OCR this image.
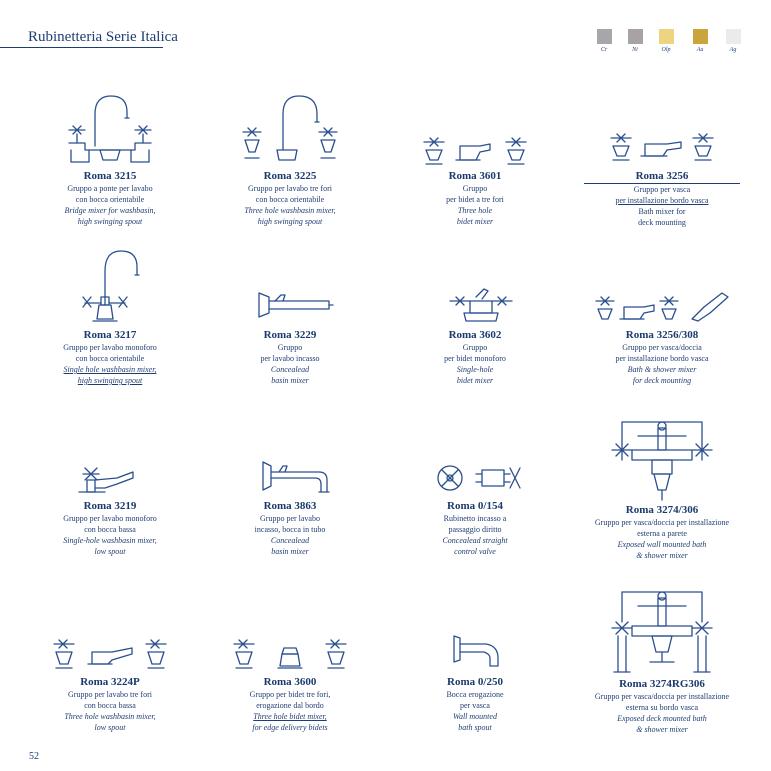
Rubinetteria Serie Italica
Cr	Ni	Olp	Au	Ag
Roma 3215
Gruppo a ponte per lavabo
con bocca orientabile
Bridge mixer for washbasin,
high swinging spout
Roma 3225
Gruppo per lavabo tre fori
con bocca orientabile
Three hole washbasin mixer,
high swinging spout
Roma 3601
Gruppo
per bidet a tre fori
Three hole
bidet mixer
Roma 3256
Gruppo per vasca
per installazione bordo vasca
Bath mixer for
deck mounting
Roma 3217
Gruppo per lavabo monoforo
con bocca orientabile
Single hole washbasin mixer,
high swinging spout
Roma 3229
Gruppo
per lavabo incasso
Concealead
basin mixer
Roma 3602
Gruppo
per bidet monoforo
Single-hole
bidet mixer
Roma 3256/308
Gruppo per vasca/doccia
per installazione bordo vasca
Bath & shower mixer
for deck mounting
Roma 3219
Gruppo per lavabo monoforo
con bocca bassa
Single-hole washbasin mixer,
low spout
Roma 3863
Gruppo per lavabo
incasso, bocca in tubo
Concealead
basin mixer
Roma 0/154
Rubinetto incasso a
passaggio diritto
Concealead straight
control valve
Roma 3274/306
Gruppo per vasca/doccia per installazione
esterna a parete
Exposed wall mounted bath
& shower mixer
Roma 3224P
Gruppo per lavabo tre fori
con bocca bassa
Three hole washbasin mixer,
low spout
Roma 3600
Gruppo per bidet tre fori,
erogazione dal bordo
Three hole bidet mixer,
for edge delivery bidets
Roma 0/250
Bocca erogazione
per vasca
Wall mounted
bath spout
Roma 3274RG306
Gruppo per vasca/doccia per installazione
esterna su bordo vasca
Exposed deck mounted bath
& shower mixer
52
